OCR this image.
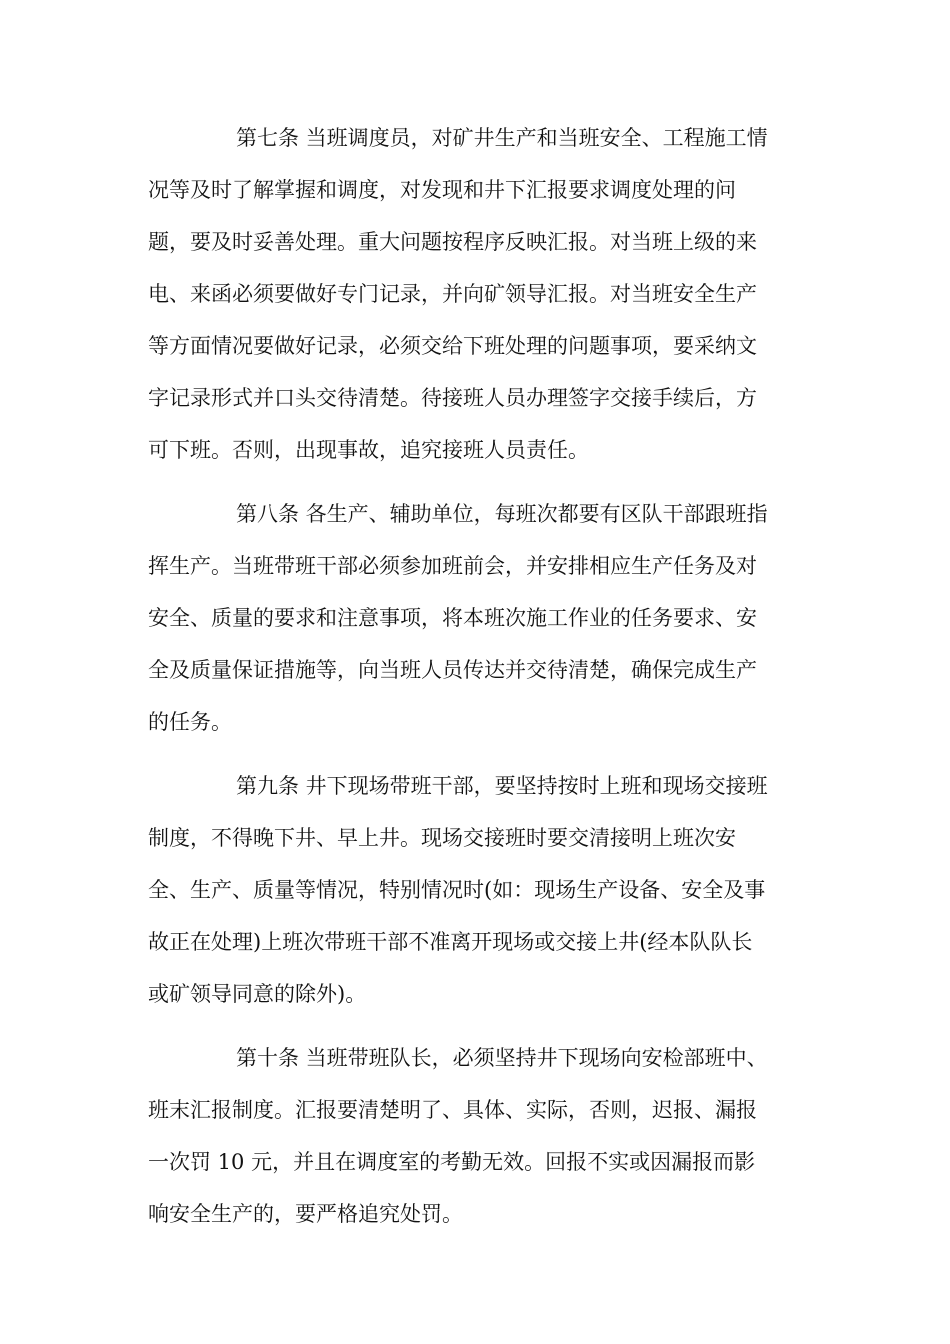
第七条 当班调度员，对矿井生产和当班安全、工程施工情
况等及时了解掌握和调度，对发现和井下汇报要求调度处理的问
题，要及时妥善处理。重大问题按程序反映汇报。对当班上级的来
电、来函必须要做好专门记录，并向矿领导汇报。对当班安全生产
等方面情况要做好记录，必须交给下班处理的问题事项，要采纳文
字记录形式并口头交待清楚。待接班人员办理签字交接手续后，方
可下班。否则，出现事故，追究接班人员责任。
第八条 各生产、辅助单位，每班次都要有区队干部跟班指
挥生产。当班带班干部必须参加班前会，并安排相应生产任务及对
安全、质量的要求和注意事项，将本班次施工作业的任务要求、安
全及质量保证措施等，向当班人员传达并交待清楚，确保完成生产
的任务。
第九条 井下现场带班干部，要坚持按时上班和现场交接班
制度，不得晚下井、早上井。现场交接班时要交清接明上班次安
全、生产、质量等情况，特别情况时(如：现场生产设备、安全及事
故正在处理)上班次带班干部不准离开现场或交接上井(经本队队长
或矿领导同意的除外)。
第十条 当班带班队长，必须坚持井下现场向安检部班中、
班末汇报制度。汇报要清楚明了、具体、实际，否则，迟报、漏报
一次罚 10 元，并且在调度室的考勤无效。回报不实或因漏报而影
响安全生产的，要严格追究处罚。
